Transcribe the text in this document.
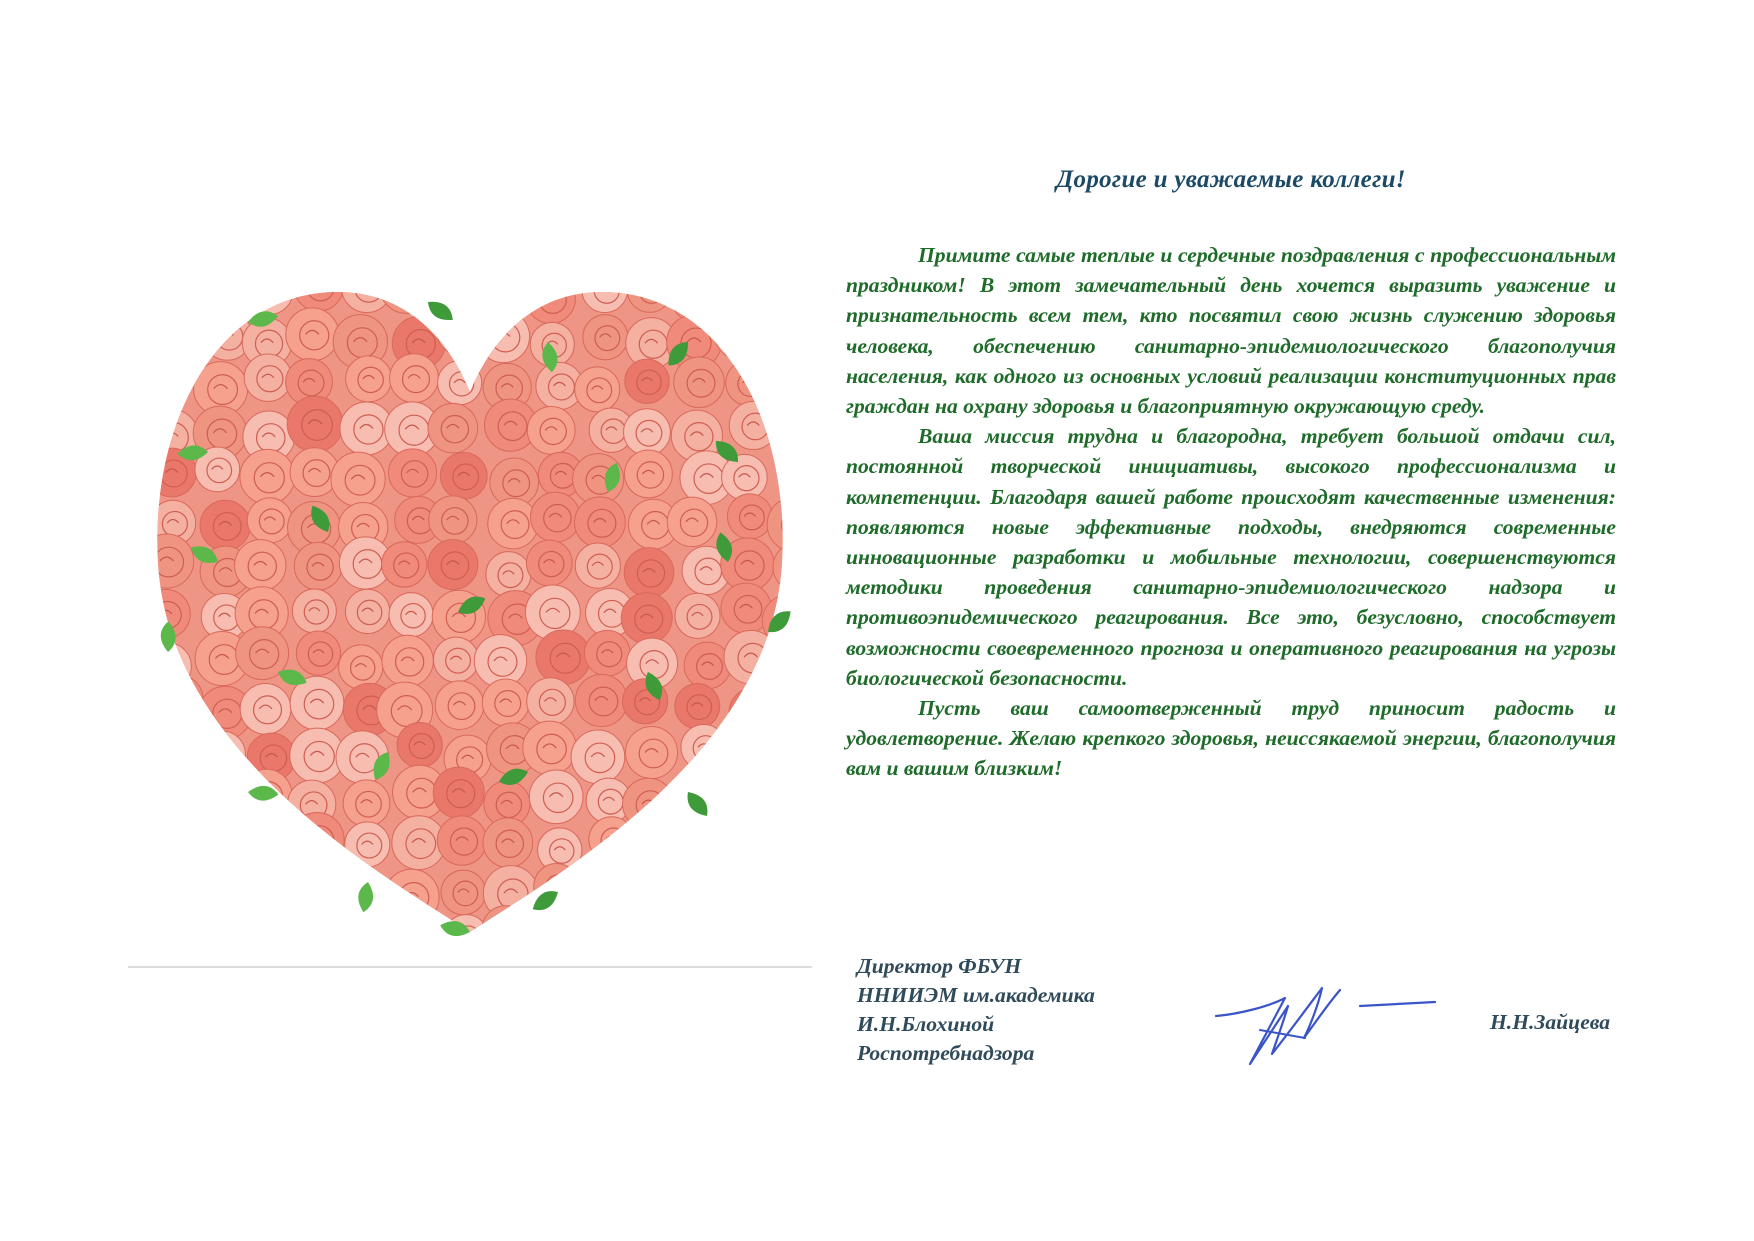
Дорогие и уважаемые коллеги!

Примите самые теплые и сердечные поздравления с профессиональным праздником! В этот замечательный день хочется выразить уважение и признательность всем тем, кто посвятил свою жизнь служению здоровья человека, обеспечению санитарно-эпидемиологического благополучия населения, как одного из основных условий реализации конституционных прав граждан на охрану здоровья и благоприятную окружающую среду.

Ваша миссия трудна и благородна, требует большой отдачи сил, постоянной творческой инициативы, высокого профессионализма и компетенции. Благодаря вашей работе происходят качественные изменения: появляются новые эффективные подходы, внедряются современные инновационные разработки и мобильные технологии, совершенствуются методики проведения санитарно-эпидемиологического надзора и противоэпидемического реагирования. Все это, безусловно, способствует возможности своевременного прогноза и оперативного реагирования на угрозы биологической безопасности.

Пусть ваш самоотверженный труд приносит радость и удовлетворение. Желаю крепкого здоровья, неиссякаемой энергии, благополучия вам и вашим близким!

Директор ФБУН
ННИИЭМ им.академика
И.Н.Блохиной
Роспотребнадзора
Н.Н.Зайцева
